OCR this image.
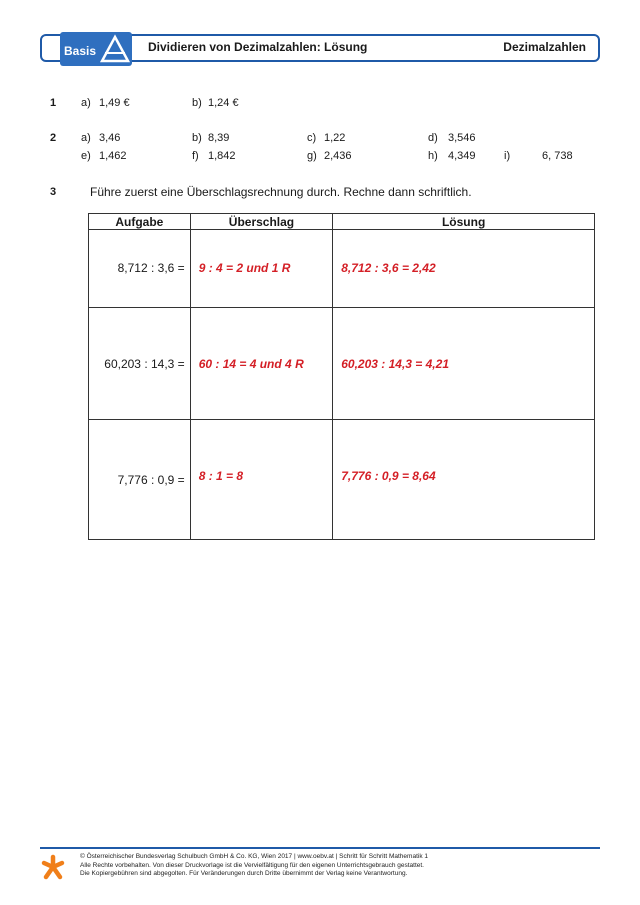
Basis	Dividieren von Dezimalzahlen: Lösung	Dezimalzahlen
1 a) 1,49 €	b) 1,24 €
2 a) 3,46	b) 8,39	c) 1,22	d) 3,546
e) 1,462	f) 1,842	g) 2,436	h) 4,349	i)	6, 738
3	Führe zuerst eine Überschlagsrechnung durch. Rechne dann schriftlich.
Aufgabe	Überschlag	Lösung

8,712 : 3,6 =	9 : 4 = 2 und 1 R	8,712 : 3,6 = 2,42

60,203 : 14,3 =	60 : 14 = 4 und 4 R	60,203 : 14,3 = 4,21

7,776 : 0,9 =	8 : 1 = 8	7,776 : 0,9 = 8,64
© Österreichischer Bundesverlag Schulbuch GmbH & Co. KG, Wien 2017 | www.oebv.at | Schritt für Schritt Mathematik 1
Alle Rechte vorbehalten. Von dieser Druckvorlage ist die Vervielfältigung für den eigenen Unterrichtsgebrauch gestattet.
Die Kopiergebühren sind abgegolten. Für Veränderungen durch Dritte übernimmt der Verlag keine Verantwortung.
